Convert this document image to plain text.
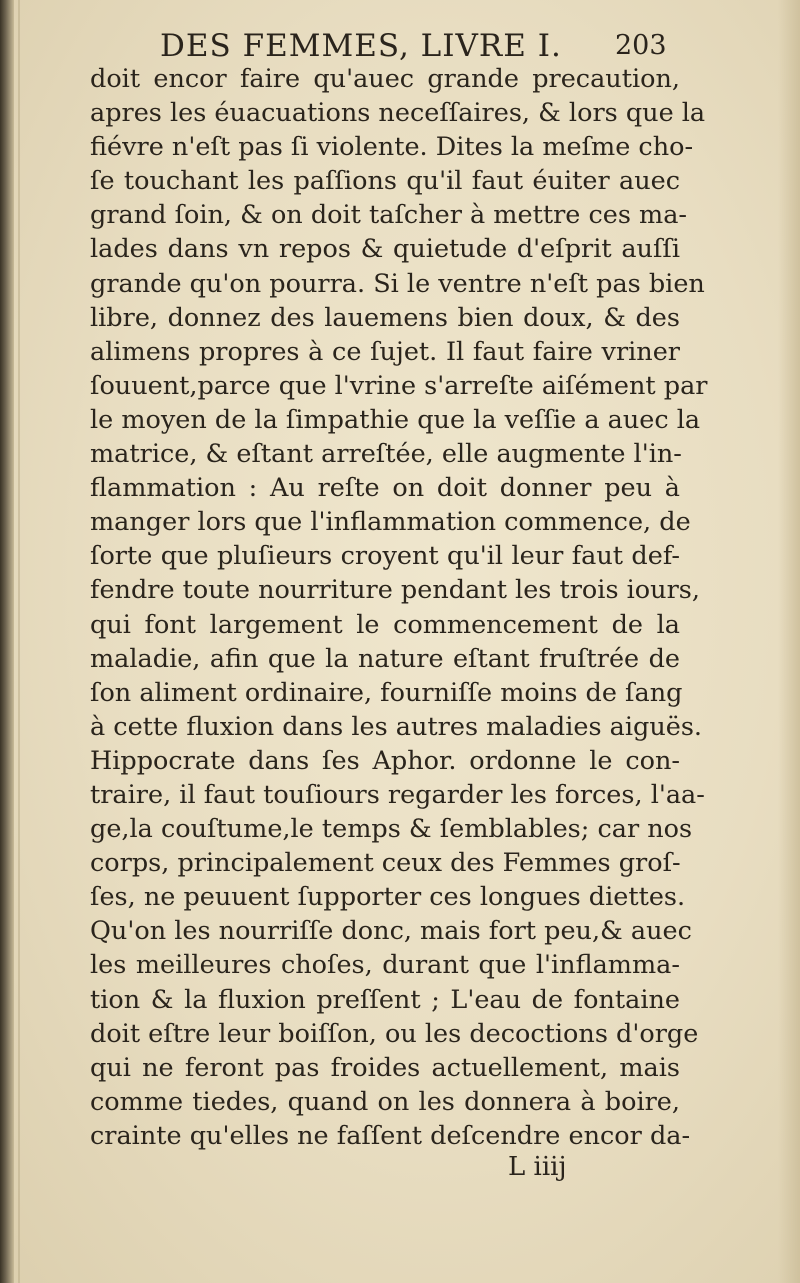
DES FEMMES, LIVRE I. 203
doit encor faire qu'auec grande precaution,
apres les éuacuations neceſſaires, & lors que la
fiévre n'eſt pas ſi violente. Dites la meſme cho-
ſe touchant les paſſions qu'il faut éuiter auec
grand ſoin, & on doit taſcher à mettre ces ma-
lades dans vn repos & quietude d'eſprit auſſi
grande qu'on pourra. Si le ventre n'eſt pas bien
libre, donnez des lauemens bien doux, & des
alimens propres à ce ſujet. Il faut faire vriner
ſouuent,parce que l'vrine s'arreſte aiſément par
le moyen de la ſimpathie que la veſſie a auec la
matrice, & eſtant arreſtée, elle augmente l'in-
flammation : Au reſte on doit donner peu à
manger lors que l'inflammation commence, de
ſorte que pluſieurs croyent qu'il leur faut def-
fendre toute nourriture pendant les trois iours,
qui font largement le commencement de la
maladie, afin que la nature eſtant fruſtrée de
ſon aliment ordinaire, fourniſſe moins de ſang
à cette fluxion dans les autres maladies aiguës.
Hippocrate dans ſes Aphor. ordonne le con-
traire, il faut touſiours regarder les forces, l'aa-
ge,la couſtume,le temps & ſemblables; car nos
corps, principalement ceux des Femmes groſ-
ſes, ne peuuent ſupporter ces longues diettes.
Qu'on les nourriſſe donc, mais fort peu,& auec
les meilleures choſes, durant que l'inflamma-
tion & la fluxion preſſent ; L'eau de fontaine
doit eſtre leur boiſſon, ou les decoctions d'orge
qui ne feront pas froides actuellement, mais
comme tiedes, quand on les donnera à boire,
crainte qu'elles ne faſſent deſcendre encor da-
L iiij
